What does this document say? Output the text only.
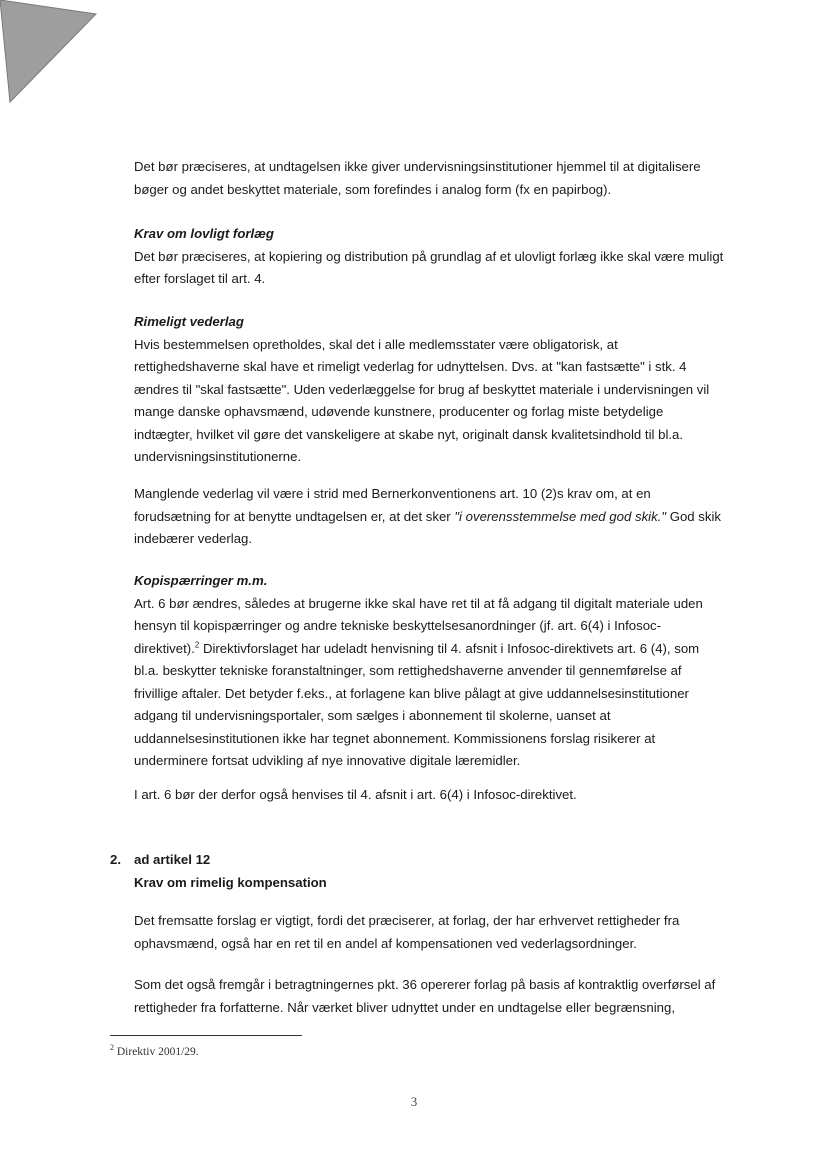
Det bør præciseres, at undtagelsen ikke giver undervisningsinstitutioner hjemmel til at digitalisere bøger og andet beskyttet materiale, som forefindes i analog form (fx en papirbog).

Krav om lovligt forlæg

Det bør præciseres, at kopiering og distribution på grundlag af et ulovligt forlæg ikke skal være muligt efter forslaget til art. 4.

Rimeligt vederlag

Hvis bestemmelsen opretholdes, skal det i alle medlemsstater være obligatorisk, at rettighedshaverne skal have et rimeligt vederlag for udnyttelsen. Dvs. at "kan fastsætte" i stk. 4 ændres til "skal fastsætte". Uden vederlæggelse for brug af beskyttet materiale i undervisningen vil mange danske ophavsmænd, udøvende kunstnere, producenter og forlag miste betydelige indtægter, hvilket vil gøre det vanskeligere at skabe nyt, originalt dansk kvalitetsindhold til bl.a. undervisningsinstitutionerne.

Manglende vederlag vil være i strid med Bernerkonventionens art. 10 (2)s krav om, at en forudsætning for at benytte undtagelsen er, at det sker "i overensstemmelse med god skik." God skik indebærer vederlag.

Kopispærringer m.m.

Art. 6 bør ændres, således at brugerne ikke skal have ret til at få adgang til digitalt materiale uden hensyn til kopispærringer og andre tekniske beskyttelsesanordninger (jf. art. 6(4) i Infosoc-direktivet).$^2$ Direktivforslaget har udeladt henvisning til 4. afsnit i Infosoc-direktivets art. 6 (4), som bl.a. beskytter tekniske foranstaltninger, som rettighedshaverne anvender til gennemførelse af frivillige aftaler. Det betyder f.eks., at forlagene kan blive pålagt at give uddannelsesinstitutioner adgang til undervisningsportaler, som sælges i abonnement til skolerne, uanset at uddannelsesinstitutionen ikke har tegnet abonnement. Kommissionens forslag risikerer at underminere fortsat udvikling af nye innovative digitale læremidler.

I art. 6 bør der derfor også henvises til 4. afsnit i art. 6(4) i Infosoc-direktivet.

2. ad artikel 12

Krav om rimelig kompensation

Det fremsatte forslag er vigtigt, fordi det præciserer, at forlag, der har erhvervet rettigheder fra ophavsmænd, også har en ret til en andel af kompensationen ved vederlagsordninger.

Som det også fremgår i betragtningernes pkt. 36 opererer forlag på basis af kontraktlig overførsel af rettigheder fra forfatterne. Når værket bliver udnyttet under en undtagelse eller begrænsning,

$^2$ Direktiv 2001/29.
3
